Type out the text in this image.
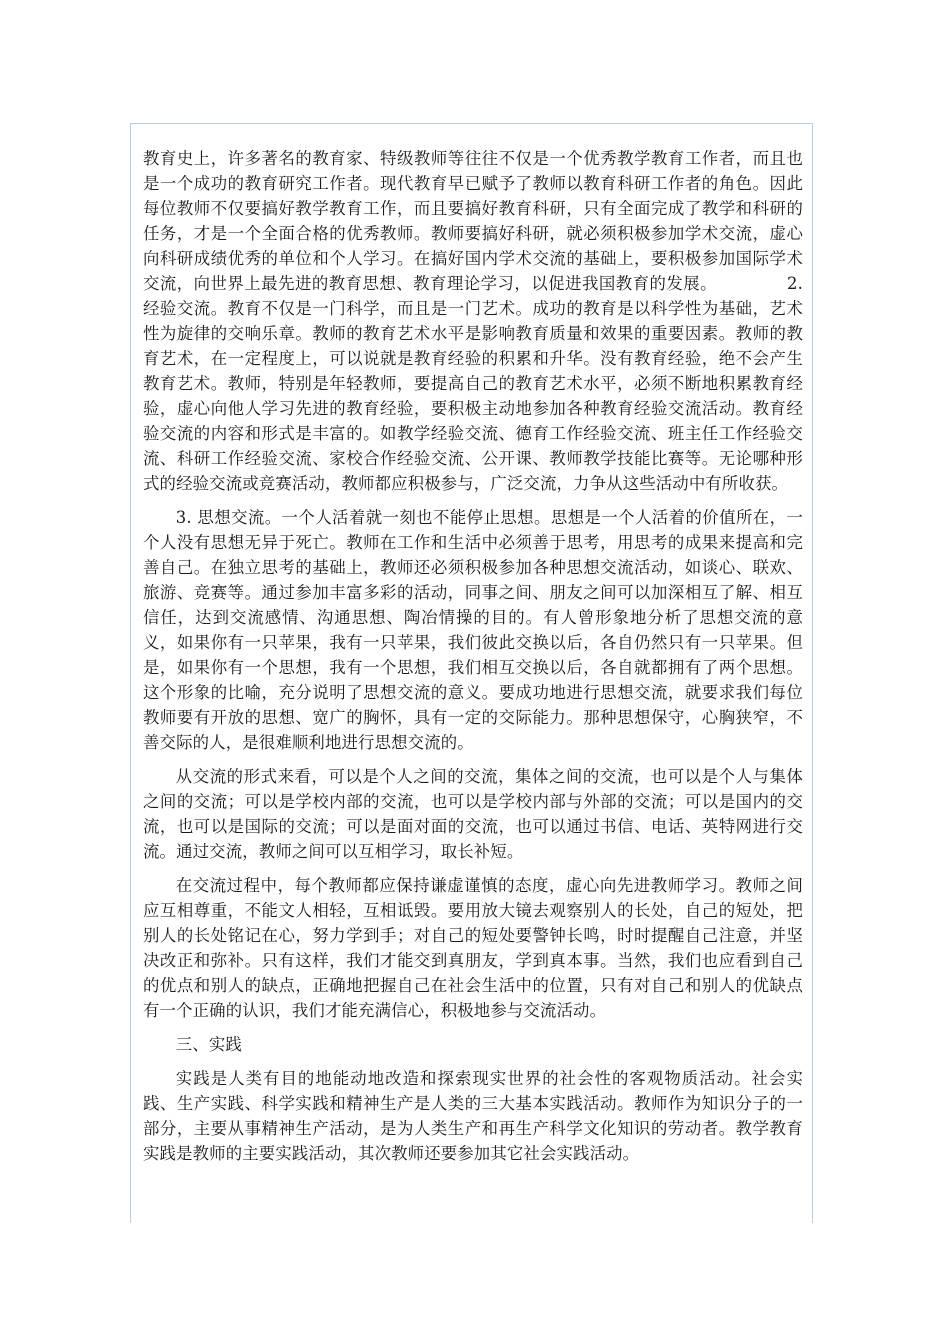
教育史上，许多著名的教育家、特级教师等往往不仅是一个优秀教学教育工作者，而且也是一个成功的教育研究工作者。现代教育早已赋予了教师以教育科研工作者的角色。因此每位教师不仅要搞好教学教育工作，而且要搞好教育科研，只有全面完成了教学和科研的任务，才是一个全面合格的优秀教师。教师要搞好科研，就必须积极参加学术交流，虚心向科研成绩优秀的单位和个人学习。在搞好国内学术交流的基础上，要积极参加国际学术交流，向世界上最先进的教育思想、教育理论学习，以促进我国教育的发展。	2.经验交流。教育不仅是一门科学，而且是一门艺术。成功的教育是以科学性为基础，艺术性为旋律的交响乐章。教师的教育艺术水平是影响教育质量和效果的重要因素。教师的教育艺术，在一定程度上，可以说就是教育经验的积累和升华。没有教育经验，绝不会产生教育艺术。教师，特别是年轻教师，要提高自己的教育艺术水平，必须不断地积累教育经验，虚心向他人学习先进的教育经验，要积极主动地参加各种教育经验交流活动。教育经验交流的内容和形式是丰富的。如教学经验交流、德育工作经验交流、班主任工作经验交流、科研工作经验交流、家校合作经验交流、公开课、教师教学技能比赛等。无论哪种形式的经验交流或竞赛活动，教师都应积极参与，广泛交流，力争从这些活动中有所收获。

3. 思想交流。一个人活着就一刻也不能停止思想。思想是一个人活着的价值所在，一个人没有思想无异于死亡。教师在工作和生活中必须善于思考，用思考的成果来提高和完善自己。在独立思考的基础上，教师还必须积极参加各种思想交流活动，如谈心、联欢、旅游、竞赛等。通过参加丰富多彩的活动，同事之间、朋友之间可以加深相互了解、相互信任，达到交流感情、沟通思想、陶冶情操的目的。有人曾形象地分析了思想交流的意义，如果你有一只苹果，我有一只苹果，我们彼此交换以后，各自仍然只有一只苹果。但是，如果你有一个思想，我有一个思想，我们相互交换以后，各自就都拥有了两个思想。这个形象的比喻，充分说明了思想交流的意义。要成功地进行思想交流，就要求我们每位教师要有开放的思想、宽广的胸怀，具有一定的交际能力。那种思想保守，心胸狭窄，不善交际的人，是很难顺利地进行思想交流的。

从交流的形式来看，可以是个人之间的交流，集体之间的交流，也可以是个人与集体之间的交流；可以是学校内部的交流，也可以是学校内部与外部的交流；可以是国内的交流，也可以是国际的交流；可以是面对面的交流，也可以通过书信、电话、英特网进行交流。通过交流，教师之间可以互相学习，取长补短。

在交流过程中，每个教师都应保持谦虚谨慎的态度，虚心向先进教师学习。教师之间应互相尊重，不能文人相轻，互相诋毁。要用放大镜去观察别人的长处，自己的短处，把别人的长处铭记在心，努力学到手；对自己的短处要警钟长鸣，时时提醒自己注意，并坚决改正和弥补。只有这样，我们才能交到真朋友，学到真本事。当然，我们也应看到自己的优点和别人的缺点，正确地把握自己在社会生活中的位置，只有对自己和别人的优缺点有一个正确的认识，我们才能充满信心，积极地参与交流活动。

三、实践

实践是人类有目的地能动地改造和探索现实世界的社会性的客观物质活动。社会实践、生产实践、科学实践和精神生产是人类的三大基本实践活动。教师作为知识分子的一部分，主要从事精神生产活动，是为人类生产和再生产科学文化知识的劳动者。教学教育实践是教师的主要实践活动，其次教师还要参加其它社会实践活动。
